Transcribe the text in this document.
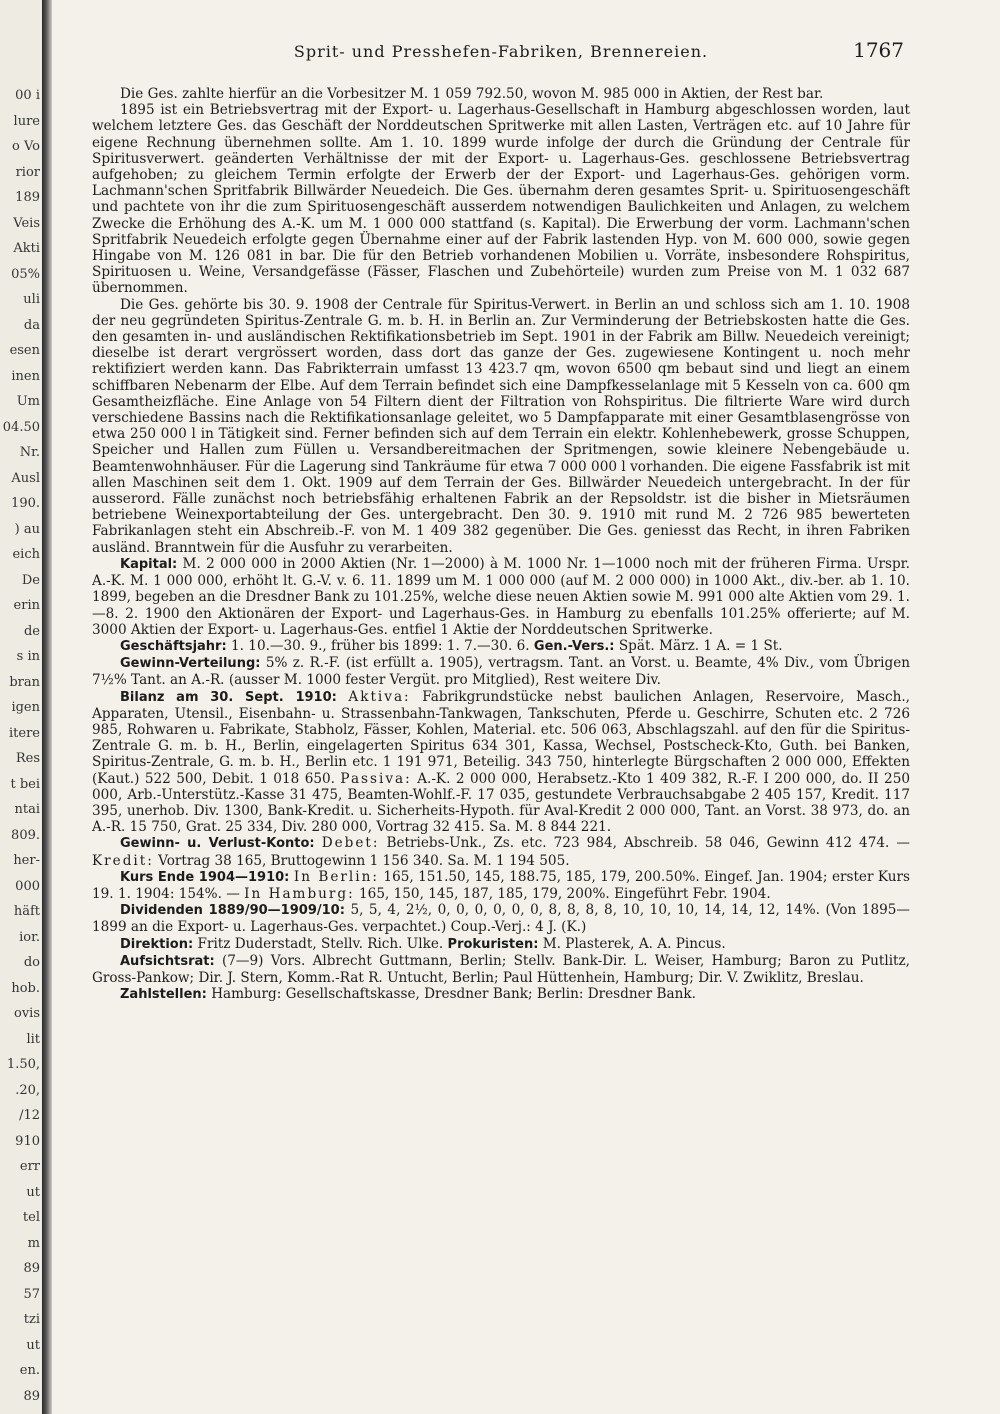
00 i
lure
o Vo
rior
189
Veis
Akti
05%
uli
da
esen
inen
Um
04.50
Nr.
Ausl
190.
) au
eich
De
erin
de
s in
bran
igen
itere
Res
t bei
ntai
809.
her-
000
häft
ior.
do
hob.
ovis
lit
1.50,
.20,
/12
910
err
ut
tel
m
89
57
tzi
ut
en.
89
Sprit- und Presshefen-Fabriken, Brennereien.	1767

Die Ges. zahlte hierfür an die Vorbesitzer M. 1 059 792.50, wovon M. 985 000 in Aktien, der Rest bar.

1895 ist ein Betriebsvertrag mit der Export- u. Lagerhaus-Gesellschaft in Hamburg abgeschlossen worden, laut welchem letztere Ges. das Geschäft der Norddeutschen Spritwerke mit allen Lasten, Verträgen etc. auf 10 Jahre für eigene Rechnung übernehmen sollte. Am 1. 10. 1899 wurde infolge der durch die Gründung der Centrale für Spiritusverwert. geänderten Verhältnisse der mit der Export- u. Lagerhaus-Ges. geschlossene Betriebsvertrag aufgehoben; zu gleichem Termin erfolgte der Erwerb der der Export- und Lagerhaus-Ges. gehörigen vorm. Lachmann'schen Spritfabrik Billwärder Neuedeich. Die Ges. übernahm deren gesamtes Sprit- u. Spirituosengeschäft und pachtete von ihr die zum Spirituosengeschäft ausserdem notwendigen Baulichkeiten und Anlagen, zu welchem Zwecke die Erhöhung des A.-K. um M. 1 000 000 stattfand (s. Kapital). Die Erwerbung der vorm. Lachmann'schen Spritfabrik Neuedeich erfolgte gegen Übernahme einer auf der Fabrik lastenden Hyp. von M. 600 000, sowie gegen Hingabe von M. 126 081 in bar. Die für den Betrieb vorhandenen Mobilien u. Vorräte, insbesondere Rohspiritus, Spirituosen u. Weine, Versandgefässe (Fässer, Flaschen und Zubehörteile) wurden zum Preise von M. 1 032 687 übernommen.

Die Ges. gehörte bis 30. 9. 1908 der Centrale für Spiritus-Verwert. in Berlin an und schloss sich am 1. 10. 1908 der neu gegründeten Spiritus-Zentrale G. m. b. H. in Berlin an. Zur Verminderung der Betriebskosten hatte die Ges. den gesamten in- und ausländischen Rektifikationsbetrieb im Sept. 1901 in der Fabrik am Billw. Neuedeich vereinigt; dieselbe ist derart vergrössert worden, dass dort das ganze der Ges. zugewiesene Kontingent u. noch mehr rektifiziert werden kann. Das Fabrikterrain umfasst 13 423.7 qm, wovon 6500 qm bebaut sind und liegt an einem schiffbaren Nebenarm der Elbe. Auf dem Terrain befindet sich eine Dampfkesselanlage mit 5 Kesseln von ca. 600 qm Gesamtheizfläche. Eine Anlage von 54 Filtern dient der Filtration von Rohspiritus. Die filtrierte Ware wird durch verschiedene Bassins nach die Rektifikationsanlage geleitet, wo 5 Dampfapparate mit einer Gesamtblasengrösse von etwa 250 000 l in Tätigkeit sind. Ferner befinden sich auf dem Terrain ein elektr. Kohlenhebewerk, grosse Schuppen, Speicher und Hallen zum Füllen u. Versandbereitmachen der Spritmengen, sowie kleinere Nebengebäude u. Beamtenwohnhäuser. Für die Lagerung sind Tankräume für etwa 7 000 000 l vorhanden. Die eigene Fassfabrik ist mit allen Maschinen seit dem 1. Okt. 1909 auf dem Terrain der Ges. Billwärder Neuedeich untergebracht. In der für ausserord. Fälle zunächst noch betriebsfähig erhaltenen Fabrik an der Repsoldstr. ist die bisher in Mietsräumen betriebene Weinexportabteilung der Ges. untergebracht. Den 30. 9. 1910 mit rund M. 2 726 985 bewerteten Fabrikanlagen steht ein Abschreib.-F. von M. 1 409 382 gegenüber. Die Ges. geniesst das Recht, in ihren Fabriken ausländ. Branntwein für die Ausfuhr zu verarbeiten.

Kapital: M. 2 000 000 in 2000 Aktien (Nr. 1—2000) à M. 1000 Nr. 1—1000 noch mit der früheren Firma. Urspr. A.-K. M. 1 000 000, erhöht lt. G.-V. v. 6. 11. 1899 um M. 1 000 000 (auf M. 2 000 000) in 1000 Akt., div.-ber. ab 1. 10. 1899, begeben an die Dresdner Bank zu 101.25%, welche diese neuen Aktien sowie M. 991 000 alte Aktien vom 29. 1.—8. 2. 1900 den Aktionären der Export- und Lagerhaus-Ges. in Hamburg zu ebenfalls 101.25% offerierte; auf M. 3000 Aktien der Export- u. Lagerhaus-Ges. entfiel 1 Aktie der Norddeutschen Spritwerke.

Geschäftsjahr: 1. 10.—30. 9., früher bis 1899: 1. 7.—30. 6. Gen.-Vers.: Spät. März. 1 A. = 1 St.

Gewinn-Verteilung: 5% z. R.-F. (ist erfüllt a. 1905), vertragsm. Tant. an Vorst. u. Beamte, 4% Div., vom Übrigen 7½% Tant. an A.-R. (ausser M. 1000 fester Vergüt. pro Mitglied), Rest weitere Div.

Bilanz am 30. Sept. 1910: Aktiva: Fabrikgrundstücke nebst baulichen Anlagen, Reservoire, Masch., Apparaten, Utensil., Eisenbahn- u. Strassenbahn-Tankwagen, Tankschuten, Pferde u. Geschirre, Schuten etc. 2 726 985, Rohwaren u. Fabrikate, Stabholz, Fässer, Kohlen, Material. etc. 506 063, Abschlagszahl. auf den für die Spiritus-Zentrale G. m. b. H., Berlin, eingelagerten Spiritus 634 301, Kassa, Wechsel, Postscheck-Kto, Guth. bei Banken, Spiritus-Zentrale, G. m. b. H., Berlin etc. 1 191 971, Beteilig. 343 750, hinterlegte Bürgschaften 2 000 000, Effekten (Kaut.) 522 500, Debit. 1 018 650. Passiva: A.-K. 2 000 000, Herabsetz.-Kto 1 409 382, R.-F. I 200 000, do. II 250 000, Arb.-Unterstütz.-Kasse 31 475, Beamten-Wohlf.-F. 17 035, gestundete Verbrauchsabgabe 2 405 157, Kredit. 117 395, unerhob. Div. 1300, Bank-Kredit. u. Sicherheits-Hypoth. für Aval-Kredit 2 000 000, Tant. an Vorst. 38 973, do. an A.-R. 15 750, Grat. 25 334, Div. 280 000, Vortrag 32 415. Sa. M. 8 844 221.

Gewinn- u. Verlust-Konto: Debet: Betriebs-Unk., Zs. etc. 723 984, Abschreib. 58 046, Gewinn 412 474. — Kredit: Vortrag 38 165, Bruttogewinn 1 156 340. Sa. M. 1 194 505.

Kurs Ende 1904—1910: In Berlin: 165, 151.50, 145, 188.75, 185, 179, 200.50%. Eingef. Jan. 1904; erster Kurs 19. 1. 1904: 154%. — In Hamburg: 165, 150, 145, 187, 185, 179, 200%. Eingeführt Febr. 1904.

Dividenden 1889/90—1909/10: 5, 5, 4, 2½, 0, 0, 0, 0, 0, 0, 8, 8, 8, 8, 10, 10, 10, 14, 14, 12, 14%. (Von 1895—1899 an die Export- u. Lagerhaus-Ges. verpachtet.) Coup.-Verj.: 4 J. (K.)

Direktion: Fritz Duderstadt, Stellv. Rich. Ulke. Prokuristen: M. Plasterek, A. A. Pincus.

Aufsichtsrat: (7—9) Vors. Albrecht Guttmann, Berlin; Stellv. Bank-Dir. L. Weiser, Hamburg; Baron zu Putlitz, Gross-Pankow; Dir. J. Stern, Komm.-Rat R. Untucht, Berlin; Paul Hüttenhein, Hamburg; Dir. V. Zwiklitz, Breslau.

Zahlstellen: Hamburg: Gesellschaftskasse, Dresdner Bank; Berlin: Dresdner Bank.
